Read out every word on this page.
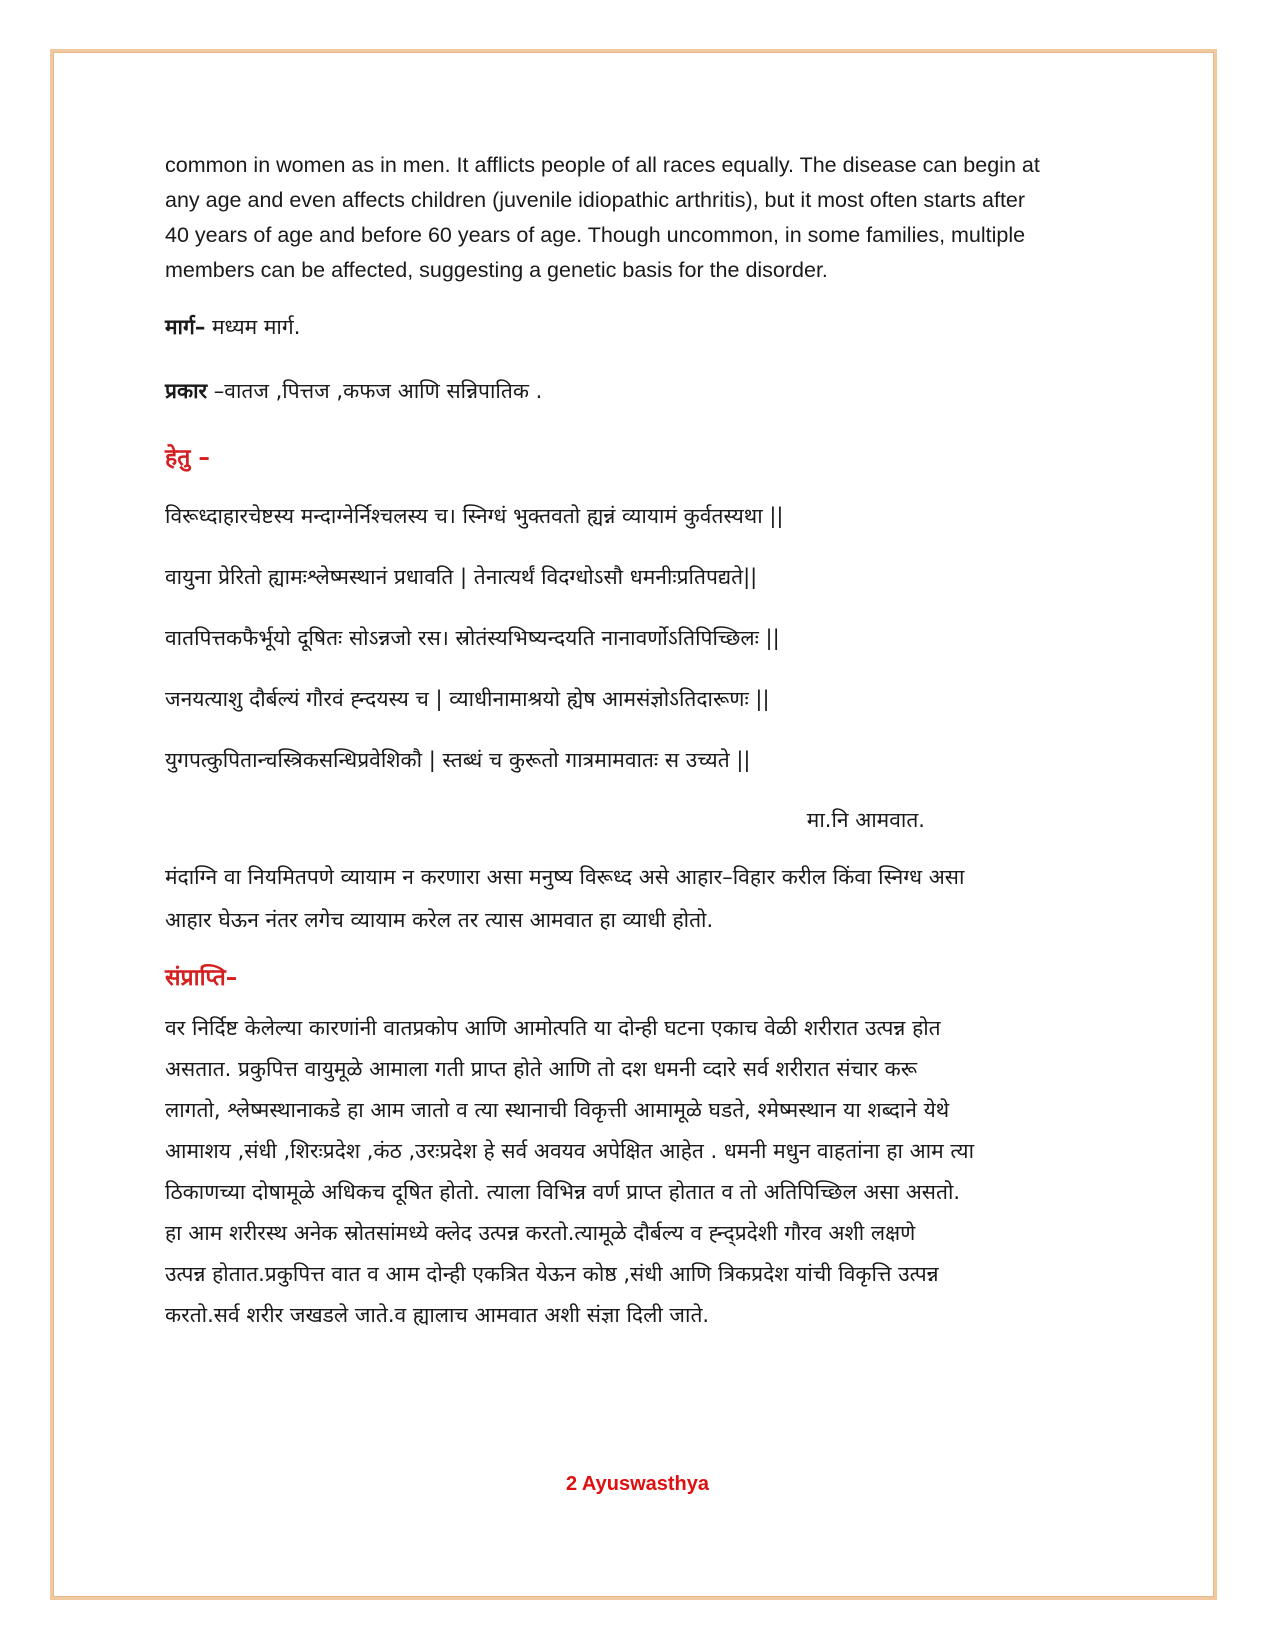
common in women as in men. It afflicts people of all races equally. The disease can begin at
any age and even affects children (juvenile idiopathic arthritis), but it most often starts after
40 years of age and before 60 years of age. Though uncommon, in some families, multiple
members can be affected, suggesting a genetic basis for the disorder.

मार्ग– मध्यम मार्ग.

प्रकार –वातज ,पित्तज ,कफज आणि सन्निपातिक .

हेतु –

विरूध्दाहारचेष्टस्य मन्दाग्नेर्निश्चलस्य च। स्निग्धं भुक्तवतो ह्यन्नं व्यायामं कुर्वतस्यथा ||

वायुना प्रेरितो ह्यामःश्लेष्मस्थानं प्रधावति | तेनात्यर्थं विदग्धोऽसौ धमनीःप्रतिपद्यते||

वातपित्तकफैर्भूयो दूषितः सोऽन्नजो रस। स्रोतंस्यभिष्यन्दयति नानावर्णोऽतिपिच्छिलः ||

जनयत्याशु दौर्बल्यं गौरवं ह्न्दयस्य च | व्याधीनामाश्रयो ह्येष आमसंज्ञोऽतिदारूणः ||

युगपत्कुपितान्चस्त्रिकसन्धिप्रवेशिकौ | स्तब्धं च कुरूतो गात्रमामवातः स उच्यते ||

मा.नि आमवात.

मंदाग्नि वा नियमितपणे व्यायाम न करणारा असा मनुष्य विरूध्द असे आहार–विहार करील किंवा स्निग्ध असा
आहार घेऊन नंतर लगेच व्यायाम करेल तर त्यास आमवात हा व्याधी होतो.

संप्राप्ति–

वर निर्दिष्ट केलेल्या कारणांनी वातप्रकोप आणि आमोत्पति या दोन्ही घटना एकाच वेळी शरीरात उत्पन्न होत
असतात. प्रकुपित्त वायुमूळे आमाला गती प्राप्त होते आणि तो दश धमनी व्दारे सर्व शरीरात संचार करू
लागतो, श्लेष्मस्थानाकडे हा आम जातो व त्या स्थानाची विकृत्ती आमामूळे घडते, श्मेष्मस्थान या शब्दाने येथे
आमाशय ,संधी ,शिरःप्रदेश ,कंठ ,उरःप्रदेश हे सर्व अवयव अपेक्षित आहेत . धमनी मधुन वाहतांना हा आम त्या
ठिकाणच्या दोषामूळे अधिकच दूषित होतो. त्याला विभिन्न वर्ण प्राप्त होतात व तो अतिपिच्छिल असा असतो.
हा आम शरीरस्थ अनेक स्रोतसांमध्ये क्लेद उत्पन्न करतो.त्यामूळे दौर्बल्य व ह्न्द्प्रदेशी गौरव अशी लक्षणे
उत्पन्न होतात.प्रकुपित्त वात व आम दोन्ही एकत्रित येऊन कोष्ठ ,संधी आणि त्रिकप्रदेश यांची विकृत्ति उत्पन्न
करतो.सर्व शरीर जखडले जाते.व ह्यालाच आमवात अशी संज्ञा दिली जाते.
2 Ayuswasthya
